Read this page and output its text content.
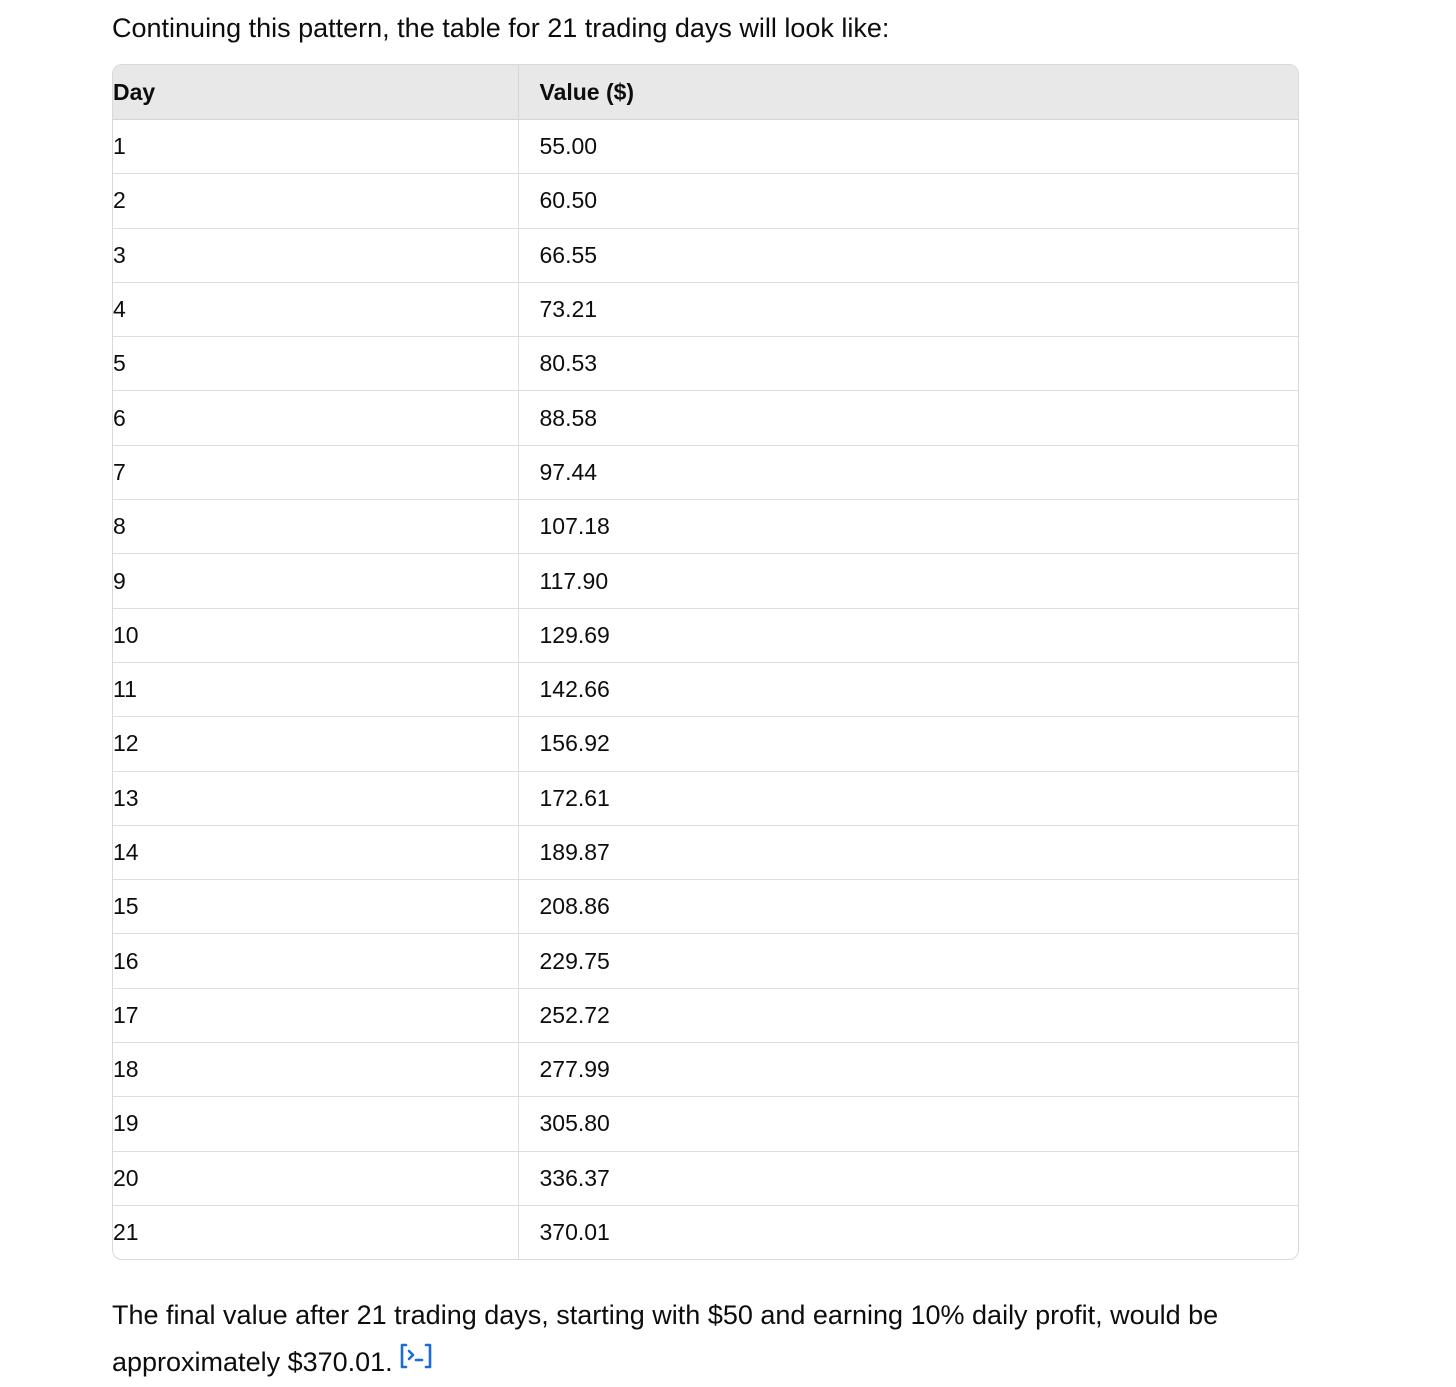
Continuing this pattern, the table for 21 trading days will look like:

Day	Value ($)
1	55.00
2	60.50
3	66.55
4	73.21
5	80.53
6	88.58
7	97.44
8	107.18
9	117.90
10	129.69
11	142.66
12	156.92
13	172.61
14	189.87
15	208.86
16	229.75
17	252.72
18	277.99
19	305.80
20	336.37
21	370.01

The final value after 21 trading days, starting with $50 and earning 10% daily profit, would be approximately $370.01.
